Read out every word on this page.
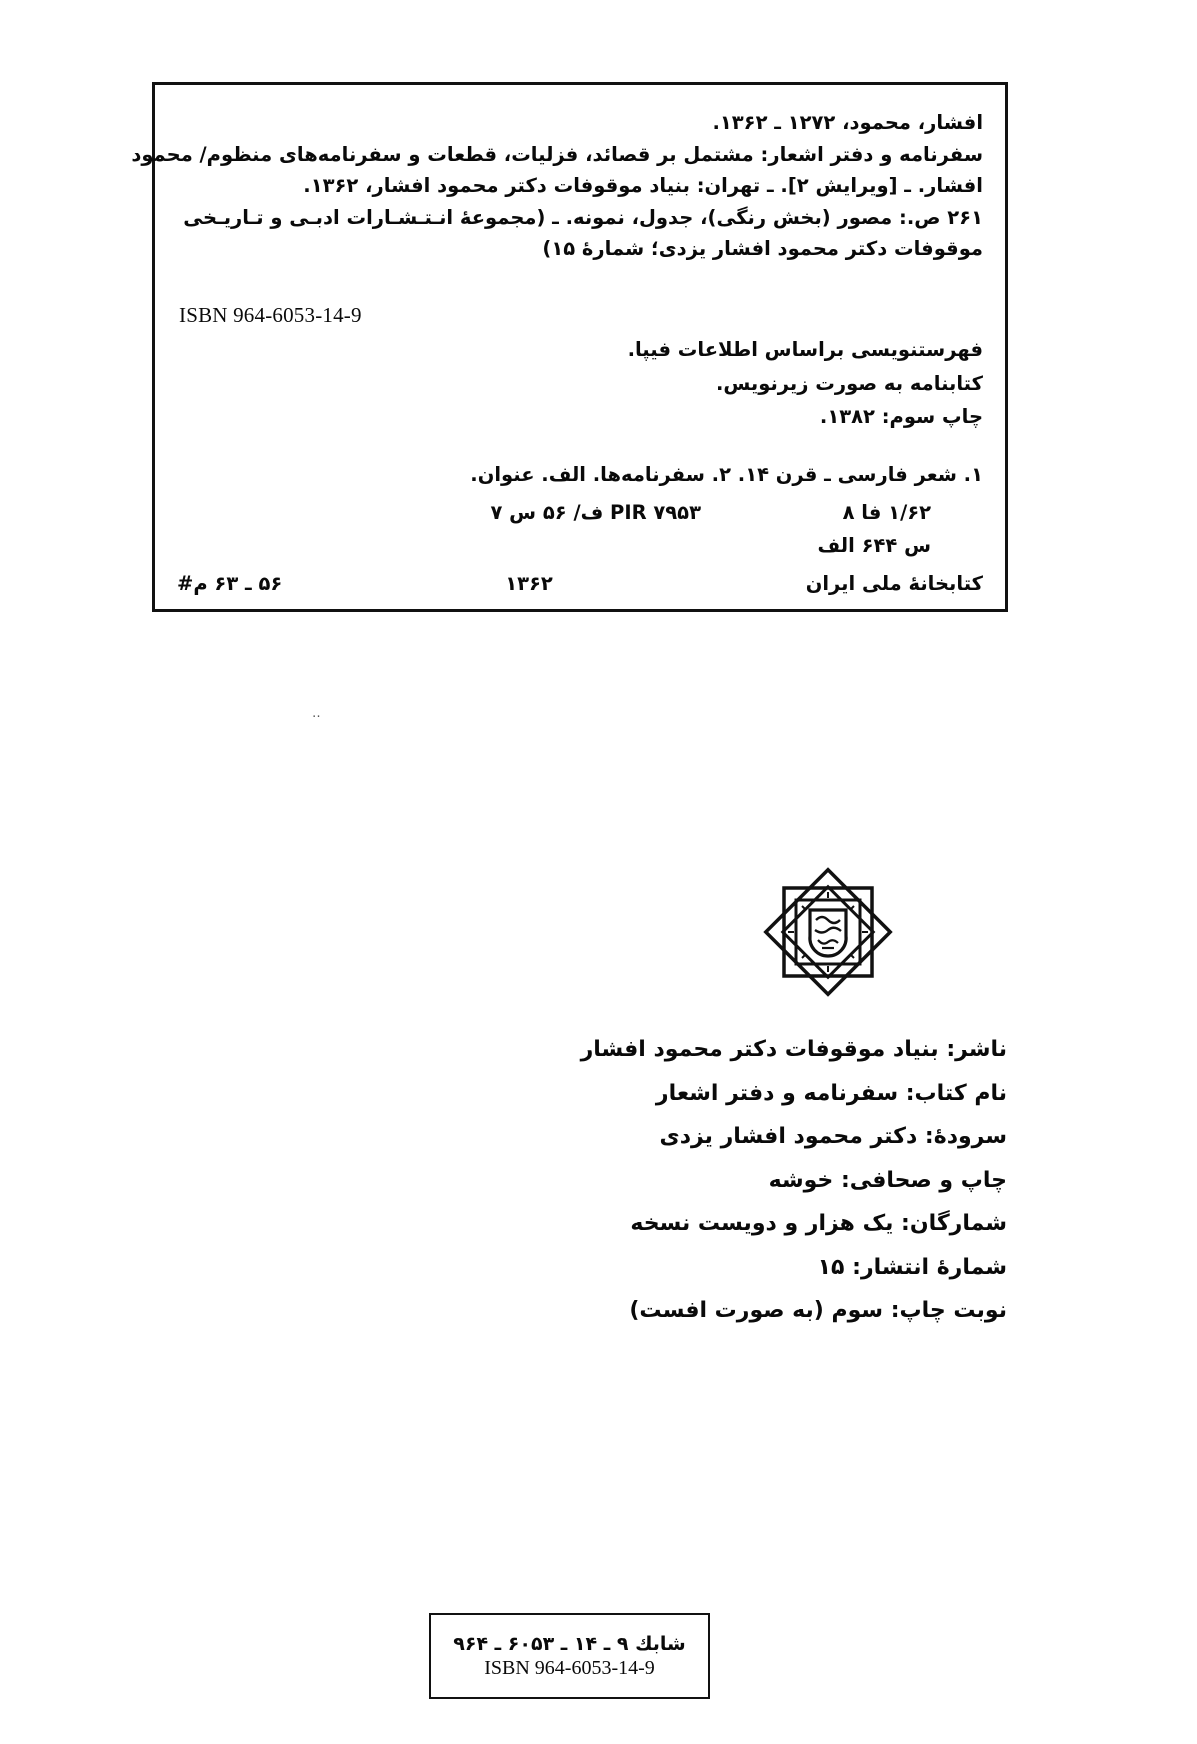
افشار، محمود، ۱۲۷۲ ـ ۱۳۶۲.
سفرنامه و دفتر اشعار: مشتمل بر قصائد، فزلیات، قطعات و سفرنامه‌های منظوم/ محمود
افشار. ـ [ویرایش ۲]. ـ تهران: بنیاد موقوفات دکتر محمود افشار، ۱۳۶۲.
۲۶۱ ص.: مصور (بخش رنگی)، جدول، نمونه. ـ (مجموعهٔ انـتـشـارات ادبـی و تـاریـخی
موقوفات دکتر محمود افشار یزدی؛ شمارهٔ ۱۵)
ISBN 964-6053-14-9
فهرستنویسی براساس اطلاعات فیپا.
کتابنامه به صورت زیرنویس.
چاپ سوم: ۱۳۸۲.
۱. شعر فارسی ـ قرن ۱۴. ۲. سفرنامه‌ها. الف. عنوان.
۱/۶۲ فا ۸
PIR ۷۹۵۳ ف/ ۵۶ س ۷
س ۶۴۴ الف
کتابخانهٔ ملی ایران
۱۳۶۲
۵۶ ـ ۶۳ م#
‥
ناشر: بنیاد موقوفات دکتر محمود افشار
نام کتاب: سفرنامه و دفتر اشعار
سرودهٔ: دکتر محمود افشار یزدی
چاپ و صحافی: خوشه
شمارگان: یک هزار و دویست نسخه
شمارهٔ انتشار: ۱۵
نوبت چاپ: سوم (به صورت افست)
شابك ۹ ـ ۱۴ ـ ۶۰۵۳ ـ ۹۶۴
ISBN 964-6053-14-9
